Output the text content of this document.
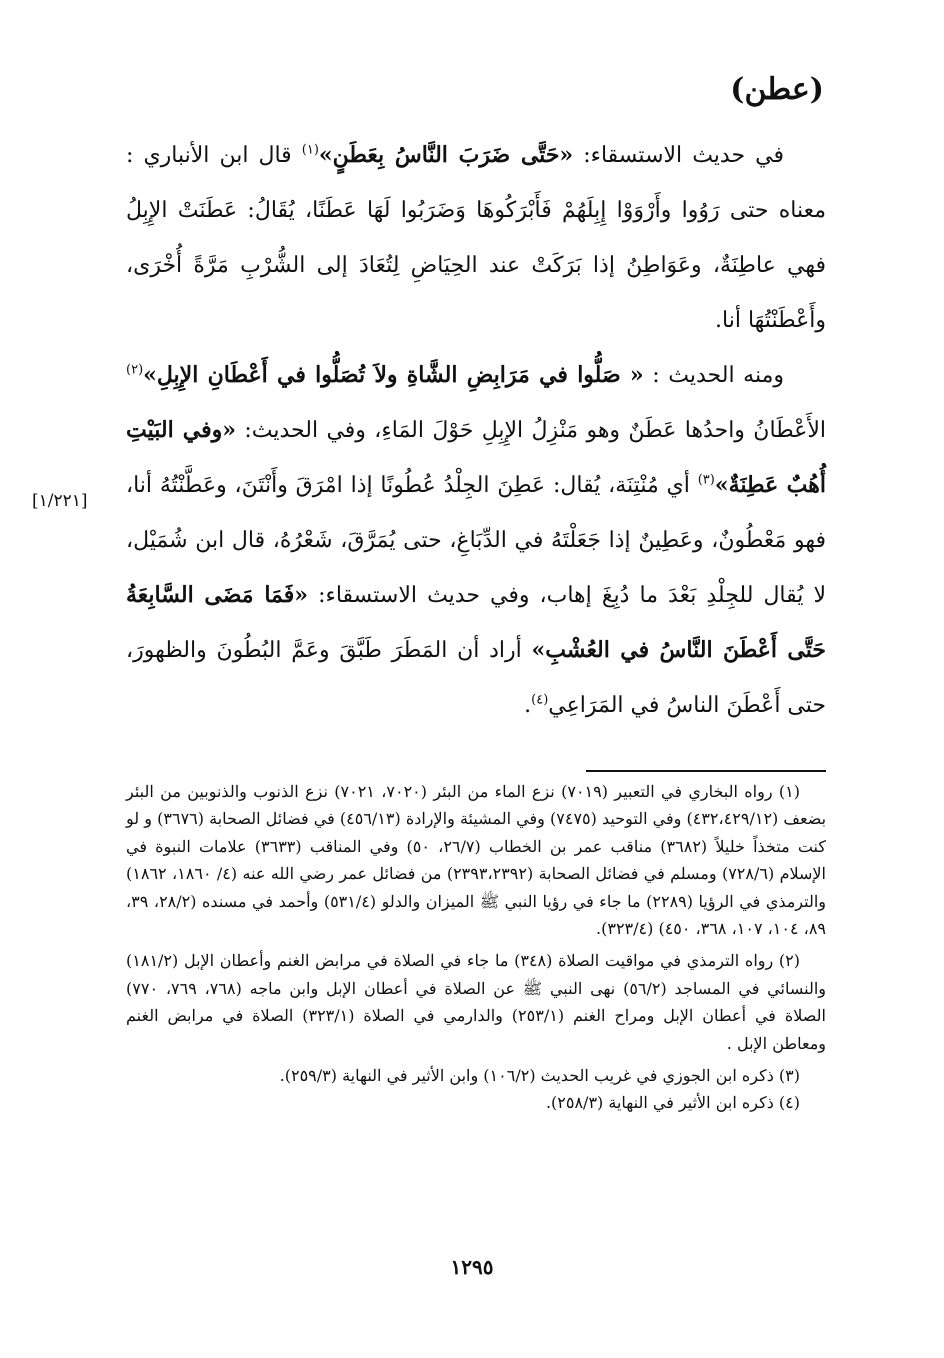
(عطن)

في حديث الاستسقاء: «حَتَّى ضَرَبَ النَّاسُ بِعَطَنٍ»$^{(١)}$ قال ابن الأنباري : معناه حتى رَوُوا وأَرْوَوْا إِبِلَهُمْ فَأَبْرَكُوهَا وَضَرَبُوا لَهَا عَطَنًا، يُقَالُ: عَطَنَتْ الإِبِلُ فهي عاطِنَةٌ، وعَوَاطِنُ إذا بَرَكَتْ عند الحِيَاضِ لِتُعَادَ إلى الشُّرْبِ مَرَّةً أُخْرَى، وأَعْطَنْتُهَا أنا.

ومنه الحديث : « صَلُّوا في مَرَابِضِ الشَّاةِ ولاَ تُصَلُّوا في أَعْطَانِ الإِبِلِ»$^{(٢)}$ الأَعْطَانُ واحدُها عَطَنٌ وهو مَنْزِلُ الإِبِلِ حَوْلَ المَاءِ، وفي الحديث: «وفي البَيْتِ أُهُبٌ عَطِنَةٌ»$^{(٣)}$ أي مُنْتِنَة، يُقال: عَطِنَ الجِلْدُ عُطُونًا إذا امْرَقَ وأَنْتَنَ، وعَطَّنْتُهُ أنا، فهو مَعْطُونٌ، وعَطِينٌ إذا جَعَلْتَهُ في الدِّبَاغِ، حتى يُمَرَّقَ، شَعْرُهُ، قال ابن شُمَيْل، لا يُقال للجِلْدِ بَعْدَ ما دُبِغَ إهاب، وفي حديث الاستسقاء: «فَمَا مَضَى السَّابِعَةُ حَتَّى أَعْطَنَ النَّاسُ في العُشْبِ» أراد أن المَطَرَ طَبَّقَ وعَمَّ البُطُونَ والظهورَ، حتى أَعْطَنَ الناسُ في المَرَاعِي$^{(٤)}$.

[١/٢٢١]

(١) رواه البخاري في التعبير (٧٠١٩) نزع الماء من البئر (٧٠٢٠، ٧٠٢١) نزع الذنوب والذنوبين من البئر بضعف (٤٣٢،٤٢٩/١٢) وفي التوحيد (٧٤٧٥) وفي المشيئة والإرادة (٤٥٦/١٣) في فضائل الصحابة (٣٦٧٦) و لو كنت متخذاً خليلاً (٣٦٨٢) مناقب عمر بن الخطاب (٢٦/٧، ٥٠) وفي المناقب (٣٦٣٣) علامات النبوة في الإسلام (٧٢٨/٦) ومسلم في فضائل الصحابة (٢٣٩٣،٢٣٩٢) من فضائل عمر رضي الله عنه (٤/ ١٨٦٠، ١٨٦٢) والترمذي في الرؤيا (٢٢٨٩) ما جاء في رؤيا النبي ﷺ الميزان والدلو (٥٣١/٤) وأحمد في مسنده (٢٨/٢، ٣٩، ٨٩، ١٠٤، ١٠٧، ٣٦٨، ٤٥٠) (٣٢٣/٤).

(٢) رواه الترمذي في مواقيت الصلاة (٣٤٨) ما جاء في الصلاة في مرابض الغنم وأعطان الإبل (١٨١/٢) والنسائي في المساجد (٥٦/٢) نهى النبي ﷺ عن الصلاة في أعطان الإبل وابن ماجه (٧٦٨، ٧٦٩، ٧٧٠) الصلاة في أعطان الإبل ومراح الغنم (٢٥٣/١) والدارمي في الصلاة (٣٢٣/١) الصلاة في مرابض الغنم ومعاطن الإبل .

(٣) ذكره ابن الجوزي في غريب الحديث (١٠٦/٢) وابن الأثير في النهاية (٢٥٩/٣).

(٤) ذكره ابن الأثير في النهاية (٢٥٨/٣).

١٢٩٥
